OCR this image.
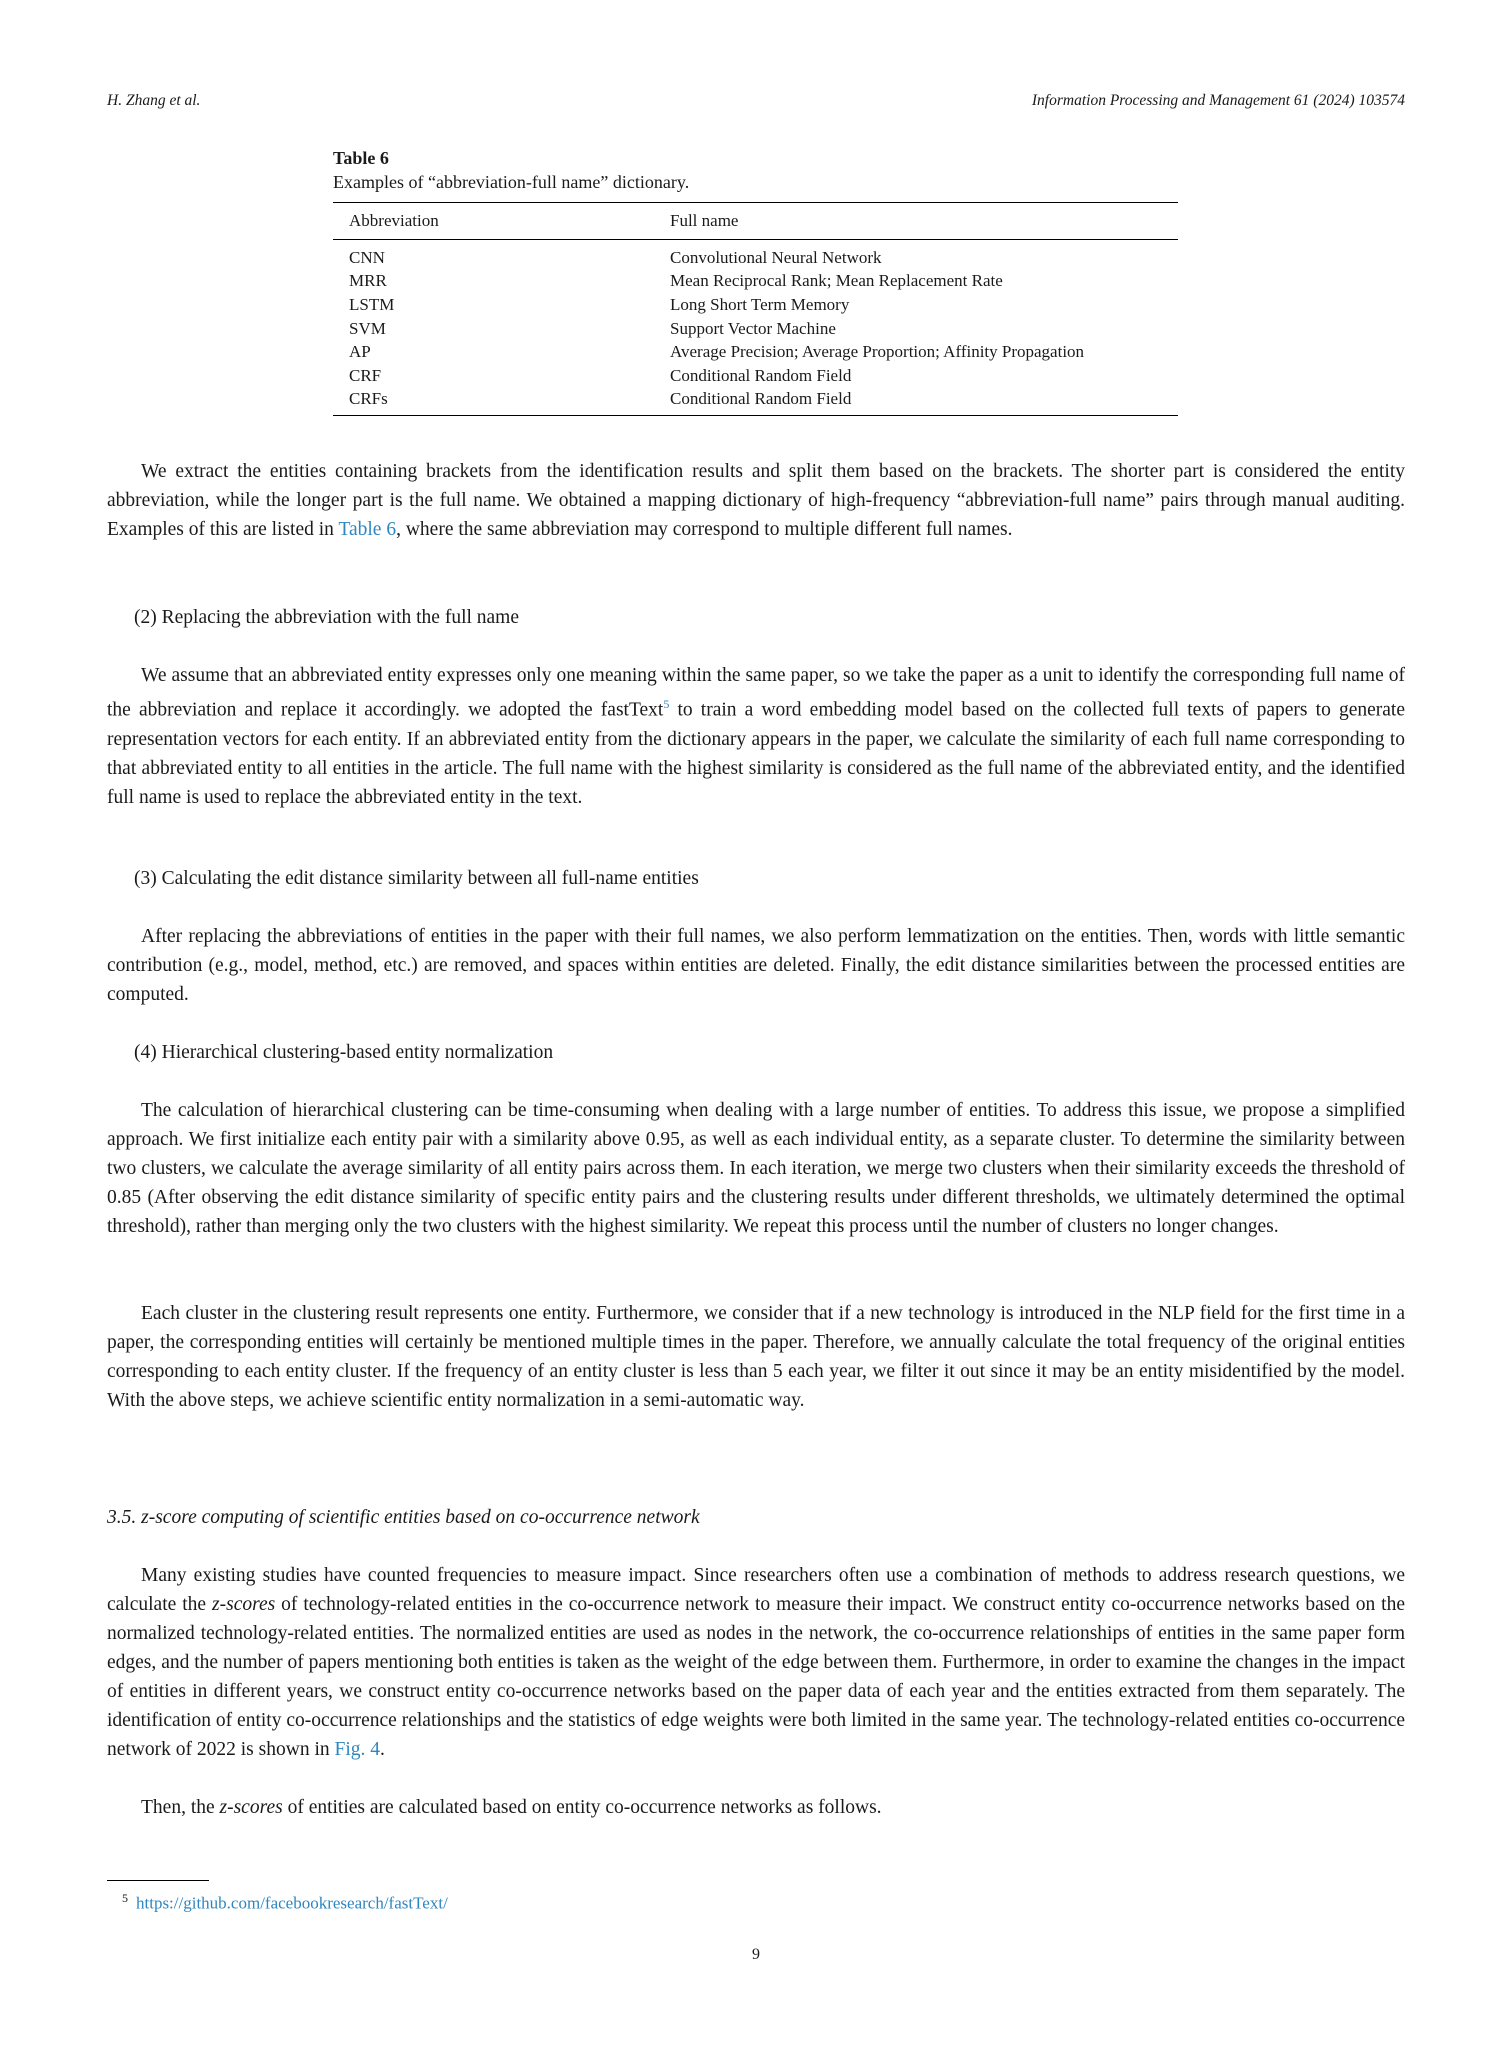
H. Zhang et al.	Information Processing and Management 61 (2024) 103574
Table 6
Examples of “abbreviation-full name” dictionary.
Abbreviation	Full name
CNN	Convolutional Neural Network
MRR	Mean Reciprocal Rank; Mean Replacement Rate
LSTM	Long Short Term Memory
SVM	Support Vector Machine
AP	Average Precision; Average Proportion; Affinity Propagation
CRF	Conditional Random Field
CRFs	Conditional Random Field
We extract the entities containing brackets from the identification results and split them based on the brackets. The shorter part is considered the entity abbreviation, while the longer part is the full name. We obtained a mapping dictionary of high-frequency “abbreviation-full name” pairs through manual auditing. Examples of this are listed in Table 6, where the same abbreviation may correspond to multiple different full names.
(2) Replacing the abbreviation with the full name
We assume that an abbreviated entity expresses only one meaning within the same paper, so we take the paper as a unit to identify the corresponding full name of the abbreviation and replace it accordingly. we adopted the fastText$^5$ to train a word embedding model based on the collected full texts of papers to generate representation vectors for each entity. If an abbreviated entity from the dictionary appears in the paper, we calculate the similarity of each full name corresponding to that abbreviated entity to all entities in the article. The full name with the highest similarity is considered as the full name of the abbreviated entity, and the identified full name is used to replace the abbreviated entity in the text.
(3) Calculating the edit distance similarity between all full-name entities
After replacing the abbreviations of entities in the paper with their full names, we also perform lemmatization on the entities. Then, words with little semantic contribution (e.g., model, method, etc.) are removed, and spaces within entities are deleted. Finally, the edit distance similarities between the processed entities are computed.
(4) Hierarchical clustering-based entity normalization
The calculation of hierarchical clustering can be time-consuming when dealing with a large number of entities. To address this issue, we propose a simplified approach. We first initialize each entity pair with a similarity above 0.95, as well as each individual entity, as a separate cluster. To determine the similarity between two clusters, we calculate the average similarity of all entity pairs across them. In each iteration, we merge two clusters when their similarity exceeds the threshold of 0.85 (After observing the edit distance similarity of specific entity pairs and the clustering results under different thresholds, we ultimately determined the optimal threshold), rather than merging only the two clusters with the highest similarity. We repeat this process until the number of clusters no longer changes.
Each cluster in the clustering result represents one entity. Furthermore, we consider that if a new technology is introduced in the NLP field for the first time in a paper, the corresponding entities will certainly be mentioned multiple times in the paper. Therefore, we annually calculate the total frequency of the original entities corresponding to each entity cluster. If the frequency of an entity cluster is less than 5 each year, we filter it out since it may be an entity misidentified by the model. With the above steps, we achieve scientific entity normalization in a semi-automatic way.
3.5. z-score computing of scientific entities based on co-occurrence network
Many existing studies have counted frequencies to measure impact. Since researchers often use a combination of methods to address research questions, we calculate the z-scores of technology-related entities in the co-occurrence network to measure their impact. We construct entity co-occurrence networks based on the normalized technology-related entities. The normalized entities are used as nodes in the network, the co-occurrence relationships of entities in the same paper form edges, and the number of papers mentioning both entities is taken as the weight of the edge between them. Furthermore, in order to examine the changes in the impact of entities in different years, we construct entity co-occurrence networks based on the paper data of each year and the entities extracted from them separately. The identification of entity co-occurrence relationships and the statistics of edge weights were both limited in the same year. The technology-related entities co-occurrence network of 2022 is shown in Fig. 4.
Then, the z-scores of entities are calculated based on entity co-occurrence networks as follows.
$^5$ https://github.com/facebookresearch/fastText/
9
